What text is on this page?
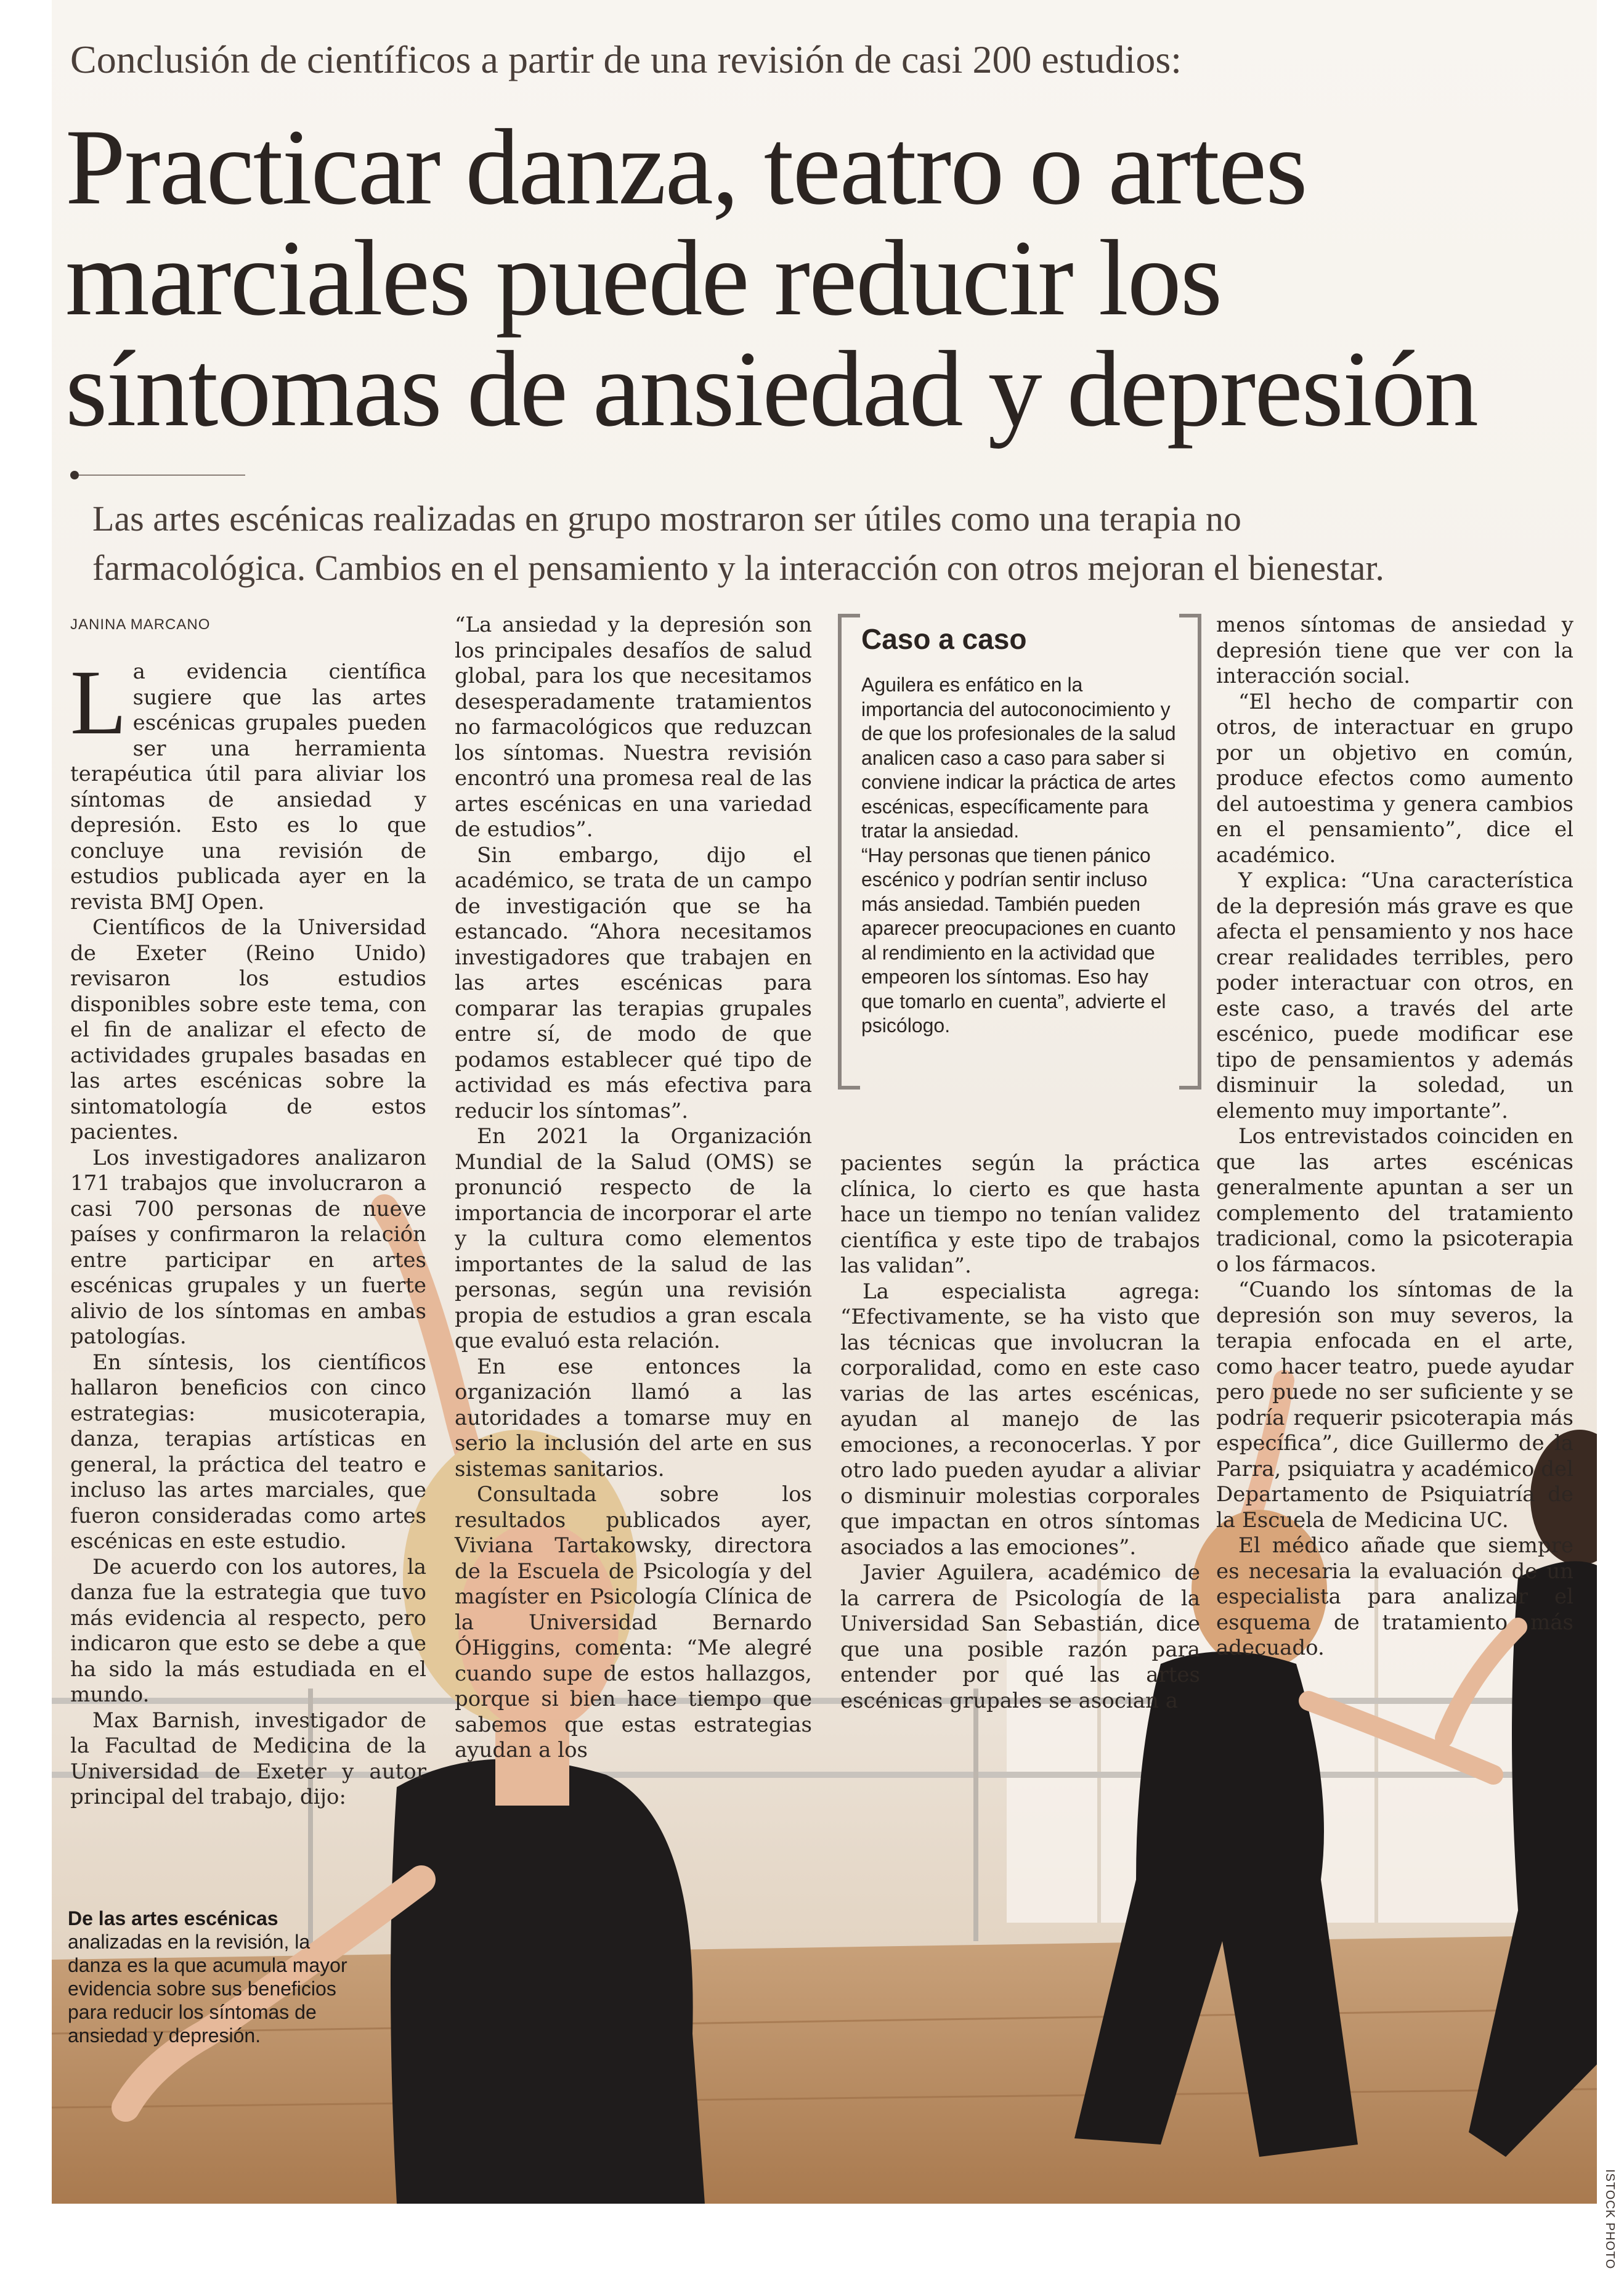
Conclusión de científicos a partir de una revisión de casi 200 estudios:
Practicar danza, teatro o artes
marciales puede reducir los
síntomas de ansiedad y depresión
Las artes escénicas realizadas en grupo mostraron ser útiles como una terapia no
farmacológica. Cambios en el pensamiento y la interacción con otros mejoran el bienestar.
JANINA MARCANO

La evidencia científica sugiere que las artes escénicas grupales pueden ser una herramienta terapéutica útil para aliviar los síntomas de ansiedad y depresión. Esto es lo que concluye una revisión de estudios publicada ayer en la revista BMJ Open.

Científicos de la Universidad de Exeter (Reino Unido) revisaron los estudios disponibles sobre este tema, con el fin de analizar el efecto de actividades grupales basadas en las artes escénicas sobre la sintomatología de estos pacientes.

Los investigadores analizaron 171 trabajos que involucraron a casi 700 personas de nueve países y confirmaron la relación entre participar en artes escénicas grupales y un fuerte alivio de los síntomas en ambas patologías.

En síntesis, los científicos hallaron beneficios con cinco estrategias: musicoterapia, danza, terapias artísticas en general, la práctica del teatro e incluso las artes marciales, que fueron consideradas como artes escénicas en este estudio.

De acuerdo con los autores, la danza fue la estrategia que tuvo más evidencia al respecto, pero indicaron que esto se debe a que ha sido la más estudiada en el mundo.

Max Barnish, investigador de la Facultad de Medicina de la Universidad de Exeter y autor principal del trabajo, dijo:

“La ansiedad y la depresión son los principales desafíos de salud global, para los que necesitamos desesperadamente tratamientos no farmacológicos que reduzcan los síntomas. Nuestra revisión encontró una promesa real de las artes escénicas en una variedad de estudios”.

Sin embargo, dijo el académico, se trata de un campo de investigación que se ha estancado. “Ahora necesitamos investigadores que trabajen en las artes escénicas para comparar las terapias grupales entre sí, de modo de que podamos establecer qué tipo de actividad es más efectiva para reducir los síntomas”.

En 2021 la Organización Mundial de la Salud (OMS) se pronunció respecto de la importancia de incorporar el arte y la cultura como elementos importantes de la salud de las personas, según una revisión propia de estudios a gran escala que evaluó esta relación.

En ese entonces la organización llamó a las autoridades a tomarse muy en serio la inclusión del arte en sus sistemas sanitarios.

Consultada sobre los resultados publicados ayer, Viviana Tartakowsky, directora de la Escuela de Psicología y del magíster en Psicología Clínica de la Universidad Bernardo ÓHiggins, comenta: “Me alegré cuando supe de estos hallazgos, porque si bien hace tiempo que sabemos que estas estrategias ayudan a los

Caso a caso

Aguilera es enfático en la importancia del autoconocimiento y de que los profesionales de la salud analicen caso a caso para saber si conviene indicar la práctica de artes escénicas, específicamente para tratar la ansiedad.

“Hay personas que tienen pánico escénico y podrían sentir incluso más ansiedad. También pueden aparecer preocupaciones en cuanto al rendimiento en la actividad que empeoren los síntomas. Eso hay que tomarlo en cuenta”, advierte el psicólogo.

pacientes según la práctica clínica, lo cierto es que hasta hace un tiempo no tenían validez científica y este tipo de trabajos las validan”.

La especialista agrega: “Efectivamente, se ha visto que las técnicas que involucran la corporalidad, como en este caso varias de las artes escénicas, ayudan al manejo de las emociones, a reconocerlas. Y por otro lado pueden ayudar a aliviar o disminuir molestias corporales que impactan en otros síntomas asociados a las emociones”.

Javier Aguilera, académico de la carrera de Psicología de la Universidad San Sebastián, dice que una posible razón para entender por qué las artes escénicas grupales se asocian a

menos síntomas de ansiedad y depresión tiene que ver con la interacción social.

“El hecho de compartir con otros, de interactuar en grupo por un objetivo en común, produce efectos como aumento del autoestima y genera cambios en el pensamiento”, dice el académico.

Y explica: “Una característica de la depresión más grave es que afecta el pensamiento y nos hace crear realidades terribles, pero poder interactuar con otros, en este caso, a través del arte escénico, puede modificar ese tipo de pensamientos y además disminuir la soledad, un elemento muy importante”.

Los entrevistados coinciden en que las artes escénicas generalmente apuntan a ser un complemento del tratamiento tradicional, como la psicoterapia o los fármacos.

“Cuando los síntomas de la depresión son muy severos, la terapia enfocada en el arte, como hacer teatro, puede ayudar pero puede no ser suficiente y se podría requerir psicoterapia más específica”, dice Guillermo de la Parra, psiquiatra y académico del Departamento de Psiquiatría de la Escuela de Medicina UC.

El médico añade que siempre es necesaria la evaluación de un especialista para analizar el esquema de tratamiento más adecuado.

De las artes escénicas
analizadas en la revisión, la danza es la que acumula mayor evidencia sobre sus beneficios para reducir los síntomas de ansiedad y depresión.
ISTOCK PHOTO
